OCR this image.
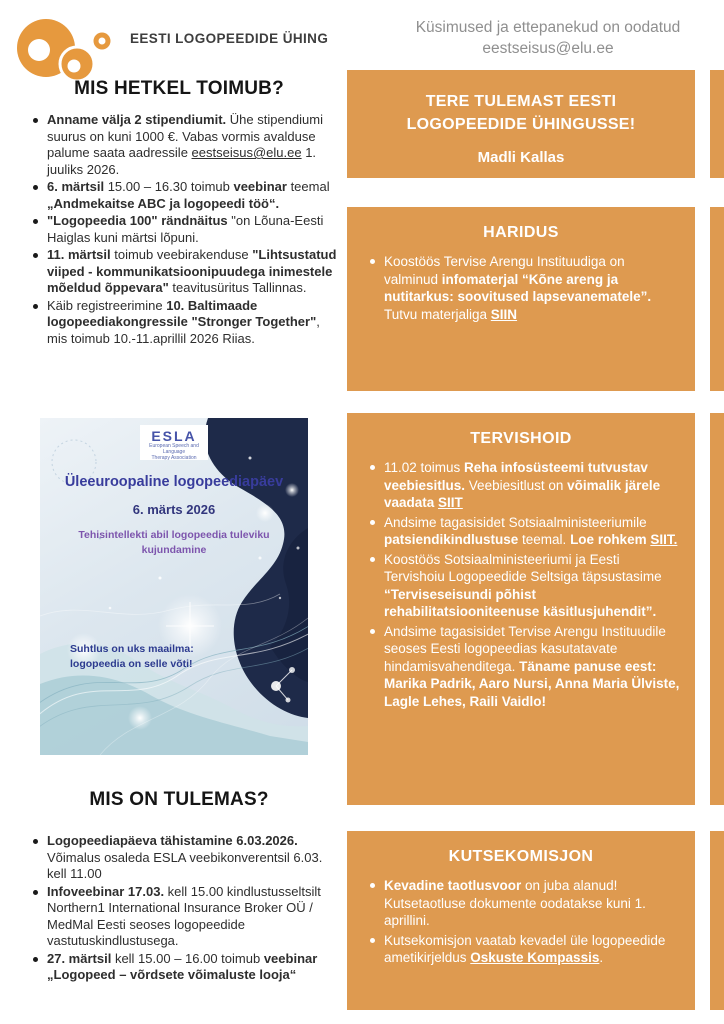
EESTI LOGOPEEDIDE ÜHING
Küsimused ja ettepanekud on oodatud
eestseisus@elu.ee
MIS HETKEL TOIMUB?
Anname välja 2 stipendiumit. Ühe stipendiumi suurus on kuni 1000 €. Vabas vormis avalduse palume saata aadressile eestseisus@elu.ee 1. juuliks 2026.
6. märtsil 15.00 – 16.30 toimub veebinar teemal „Andmekaitse ABC ja logopeedi töö“.
"Logopeedia 100" rändnäitus "on Lõuna-Eesti Haiglas kuni märtsi lõpuni.
11. märtsil toimub veebirakenduse "Lihtsustatud viiped - kommunikatsioonipuudega inimestele mõeldud õppevara" teavitusüritus Tallinnas.
Käib registreerimine 10. Baltimaade logopeediakongressile "Stronger Together", mis toimub 10.-11.aprillil 2026 Riias.
ESLA
European Speech and Language
Therapy Association
Üleeuroopaline logopeediapäev
6. märts 2026
Tehisintellekti abil logopeedia tuleviku
kujundamine
Suhtlus on uks maailma:
logopeedia on selle võti!
MIS ON TULEMAS?
Logopeediapäeva tähistamine 6.03.2026. Võimalus osaleda ESLA veebikonverentsil 6.03. kell 11.00
Infoveebinar 17.03. kell 15.00 kindlustusseltsilt Northern1 International Insurance Broker OÜ / MedMal Eesti seoses logopeedide vastutuskindlustusega.
27. märtsil kell 15.00 – 16.00 toimub veebinar „Logopeed – võrdsete võimaluste looja“
TERE TULEMAST EESTI
LOGOPEEDIDE ÜHINGUSSE!
Madli Kallas
HARIDUS
Koostöös Tervise Arengu Instituudiga on valminud infomaterjal “Kõne areng ja nutitarkus: soovitused lapsevanematele”.
Tutvu materjaliga SIIN
TERVISHOID
11.02 toimus Reha infosüsteemi tutvustav veebiesitlus. Veebiesitlust on võimalik järele vaadata SIIT
Andsime tagasisidet Sotsiaalministeeriumile patsiendikindlustuse teemal. Loe rohkem SIIT.
Koostöös Sotsiaalministeeriumi ja Eesti Tervishoiu Logopeedide Seltsiga täpsustasime “Terviseseisundi põhist rehabilitatsiooniteenuse käsitlusjuhendit”.
Andsime tagasisidet Tervise Arengu Instituudile seoses Eesti logopeedias kasutatavate hindamisvahenditega. Täname panuse eest: Marika Padrik, Aaro Nursi, Anna Maria Ülviste, Lagle Lehes, Raili Vaidlo!
KUTSEKOMISJON
Kevadine taotlusvoor on juba alanud! Kutsetaotluse dokumente oodatakse kuni 1. aprillini.
Kutsekomisjon vaatab kevadel üle logopeedide ametikirjeldus Oskuste Kompassis.
